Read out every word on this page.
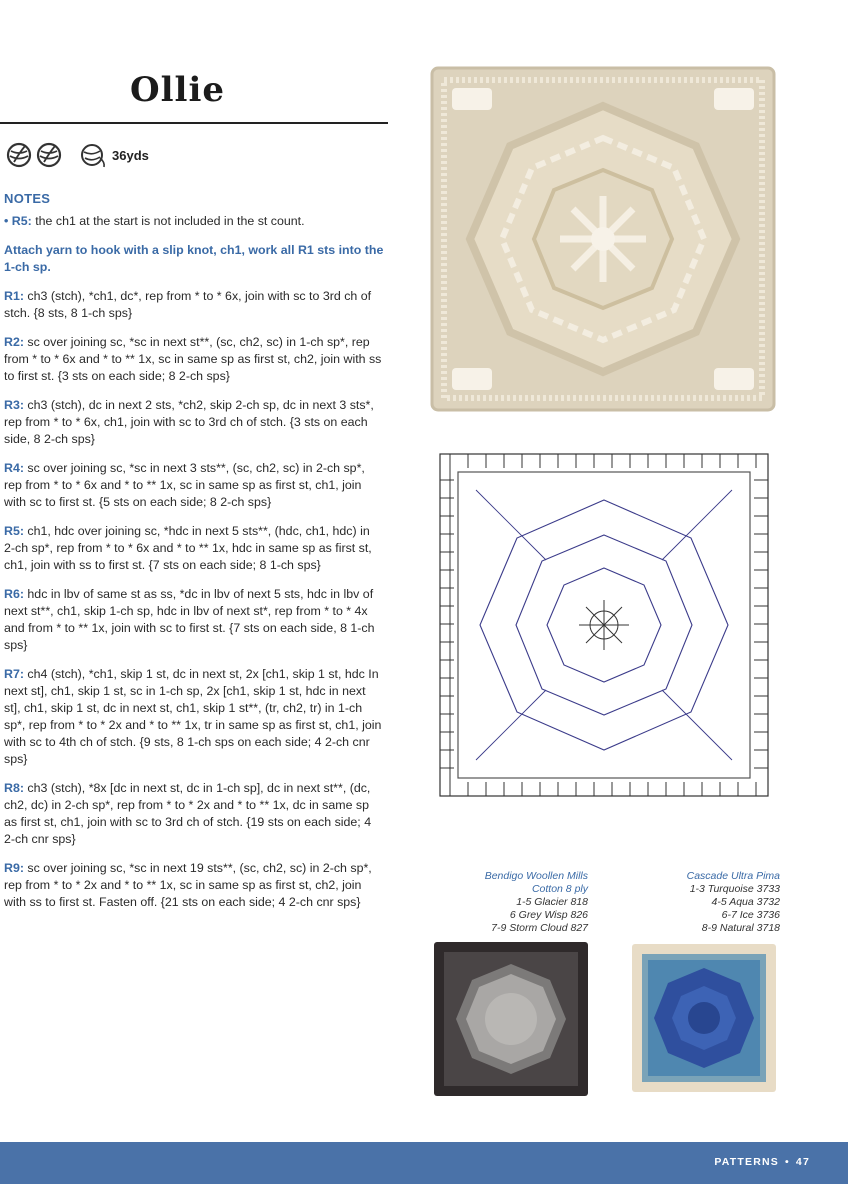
Ollie
36yds
NOTES
• R5: the ch1 at the start is not included in the st count.
Attach yarn to hook with a slip knot, ch1, work all R1 sts into the 1-ch sp.
R1: ch3 (stch), *ch1, dc*, rep from * to * 6x, join with sc to 3rd ch of stch. {8 sts, 8 1-ch sps}
R2: sc over joining sc, *sc in next st**, (sc, ch2, sc) in 1-ch sp*, rep from * to * 6x and * to ** 1x, sc in same sp as first st, ch2, join with ss to first st. {3 sts on each side; 8 2-ch sps}
R3: ch3 (stch), dc in next 2 sts, *ch2, skip 2-ch sp, dc in next 3 sts*, rep from * to * 6x, ch1, join with sc to 3rd ch of stch. {3 sts on each side, 8 2-ch sps}
R4: sc over joining sc, *sc in next 3 sts**, (sc, ch2, sc) in 2-ch sp*, rep from * to * 6x and * to ** 1x, sc in same sp as first st, ch1, join with sc to first st. {5 sts on each side; 8 2-ch sps}
R5: ch1, hdc over joining sc, *hdc in next 5 sts**, (hdc, ch1, hdc) in 2-ch sp*, rep from * to * 6x and * to ** 1x, hdc in same sp as first st, ch1, join with ss to first st. {7 sts on each side; 8 1-ch sps}
R6: hdc in lbv of same st as ss, *dc in lbv of next 5 sts, hdc in lbv of next st**, ch1, skip 1-ch sp, hdc in lbv of next st*, rep from * to * 4x and from * to ** 1x, join with sc to first st. {7 sts on each side, 8 1-ch sps}
R7: ch4 (stch), *ch1, skip 1 st, dc in next st, 2x [ch1, skip 1 st, hdc In next st], ch1, skip 1 st, sc in 1-ch sp, 2x [ch1, skip 1 st, hdc in next st], ch1, skip 1 st, dc in next st, ch1, skip 1 st**, (tr, ch2, tr) in 1-ch sp*, rep from * to * 2x and * to ** 1x, tr in same sp as first st, ch1, join with sc to 4th ch of stch. {9 sts, 8 1-ch sps on each side; 4 2-ch cnr sps}
R8: ch3 (stch), *8x [dc in next st, dc in 1-ch sp], dc in next st**, (dc, ch2, dc) in 2-ch sp*, rep from * to * 2x and * to ** 1x, dc in same sp as first st, ch1, join with sc to 3rd ch of stch. {19 sts on each side; 4 2-ch cnr sps}
R9: sc over joining sc, *sc in next 19 sts**, (sc, ch2, sc) in 2-ch sp*, rep from * to * 2x and * to ** 1x, sc in same sp as first st, ch2, join with ss to first st. Fasten off. {21 sts on each side; 4 2-ch cnr sps}
Bendigo Woollen Mills
Cotton 8 ply
1-5 Glacier 818
6 Grey Wisp 826
7-9 Storm Cloud 827
Cascade Ultra Pima
1-3 Turquoise 3733
4-5 Aqua 3732
6-7 Ice 3736
8-9 Natural 3718
PATTERNS • 47
